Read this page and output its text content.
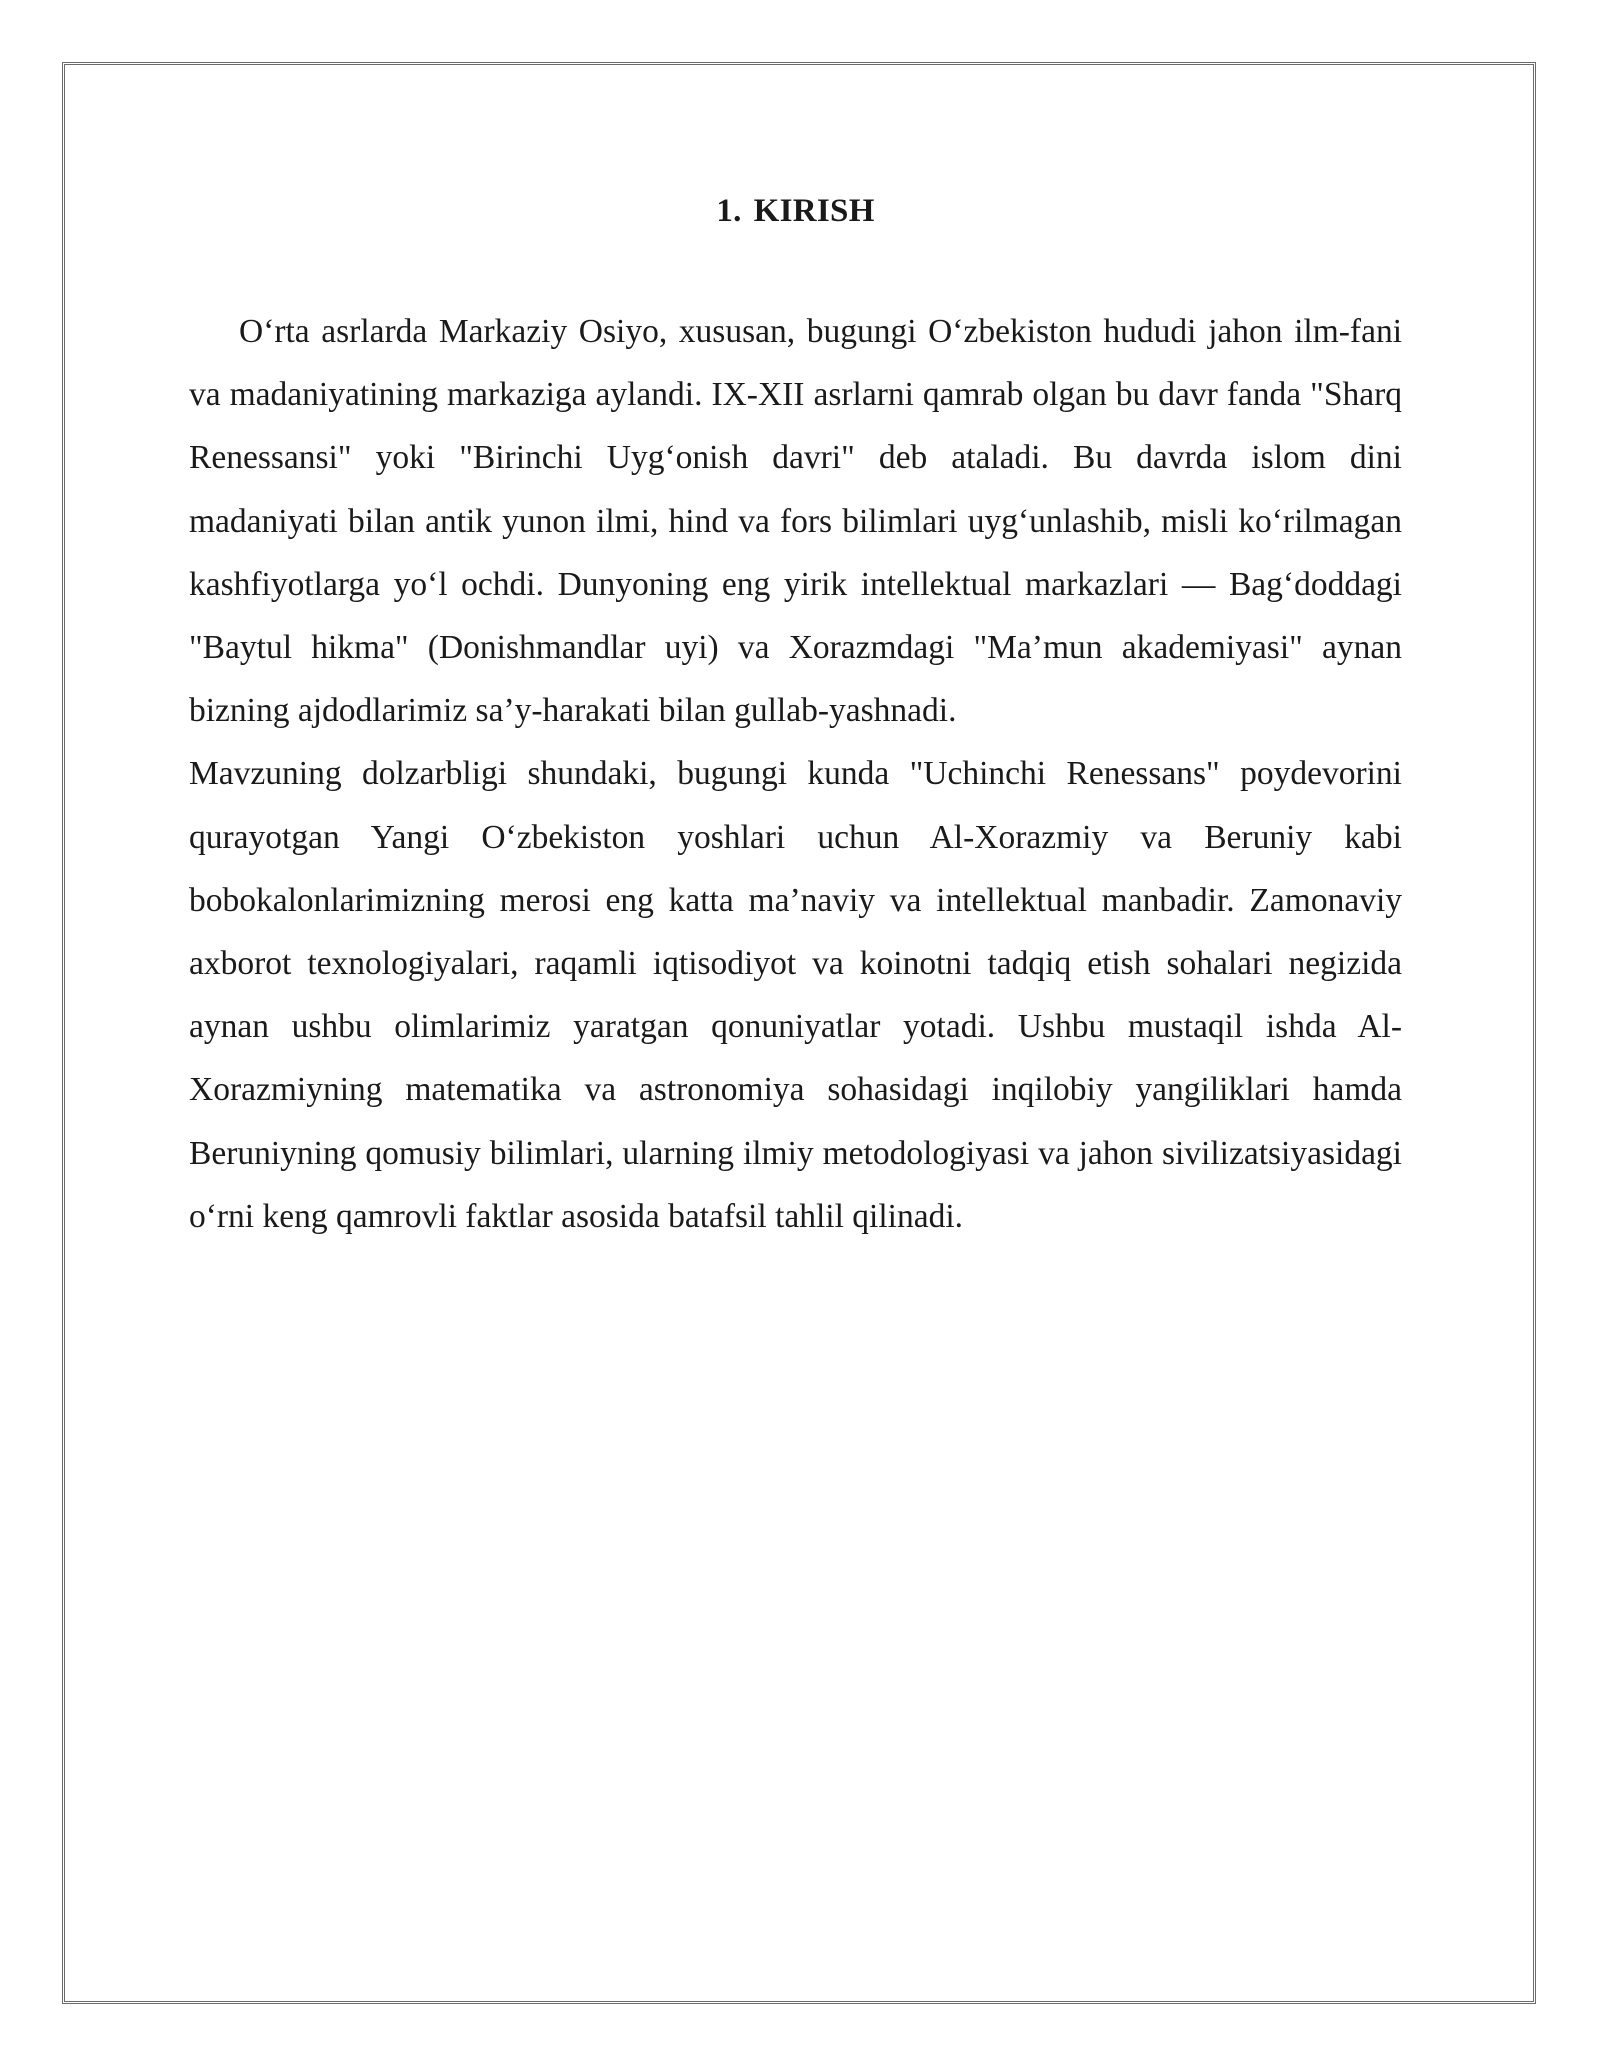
1. KIRISH

O‘rta asrlarda Markaziy Osiyo, xususan, bugungi O‘zbekiston hududi jahon ilm-fani va madaniyatining markaziga aylandi. IX-XII asrlarni qamrab olgan bu davr fanda "Sharq Renessansi" yoki "Birinchi Uyg‘onish davri" deb ataladi. Bu davrda islom dini madaniyati bilan antik yunon ilmi, hind va fors bilimlari uyg‘unlashib, misli ko‘rilmagan kashfiyotlarga yo‘l ochdi. Dunyoning eng yirik intellektual markazlari — Bag‘doddagi "Baytul hikma" (Donishmandlar uyi) va Xorazmdagi "Ma’mun akademiyasi" aynan bizning ajdodlarimiz sa’y-harakati bilan gullab-yashnadi.

Mavzuning dolzarbligi shundaki, bugungi kunda "Uchinchi Renessans" poydevorini qurayotgan Yangi O‘zbekiston yoshlari uchun Al-Xorazmiy va Beruniy kabi bobokalonlarimizning merosi eng katta ma’naviy va intellektual manbadir. Zamonaviy axborot texnologiyalari, raqamli iqtisodiyot va koinotni tadqiq etish sohalari negizida aynan ushbu olimlarimiz yaratgan qonuniyatlar yotadi. Ushbu mustaqil ishda Al-Xorazmiyning matematika va astronomiya sohasidagi inqilobiy yangiliklari hamda Beruniyning qomusiy bilimlari, ularning ilmiy metodologiyasi va jahon sivilizatsiyasidagi o‘rni keng qamrovli faktlar asosida batafsil tahlil qilinadi.
